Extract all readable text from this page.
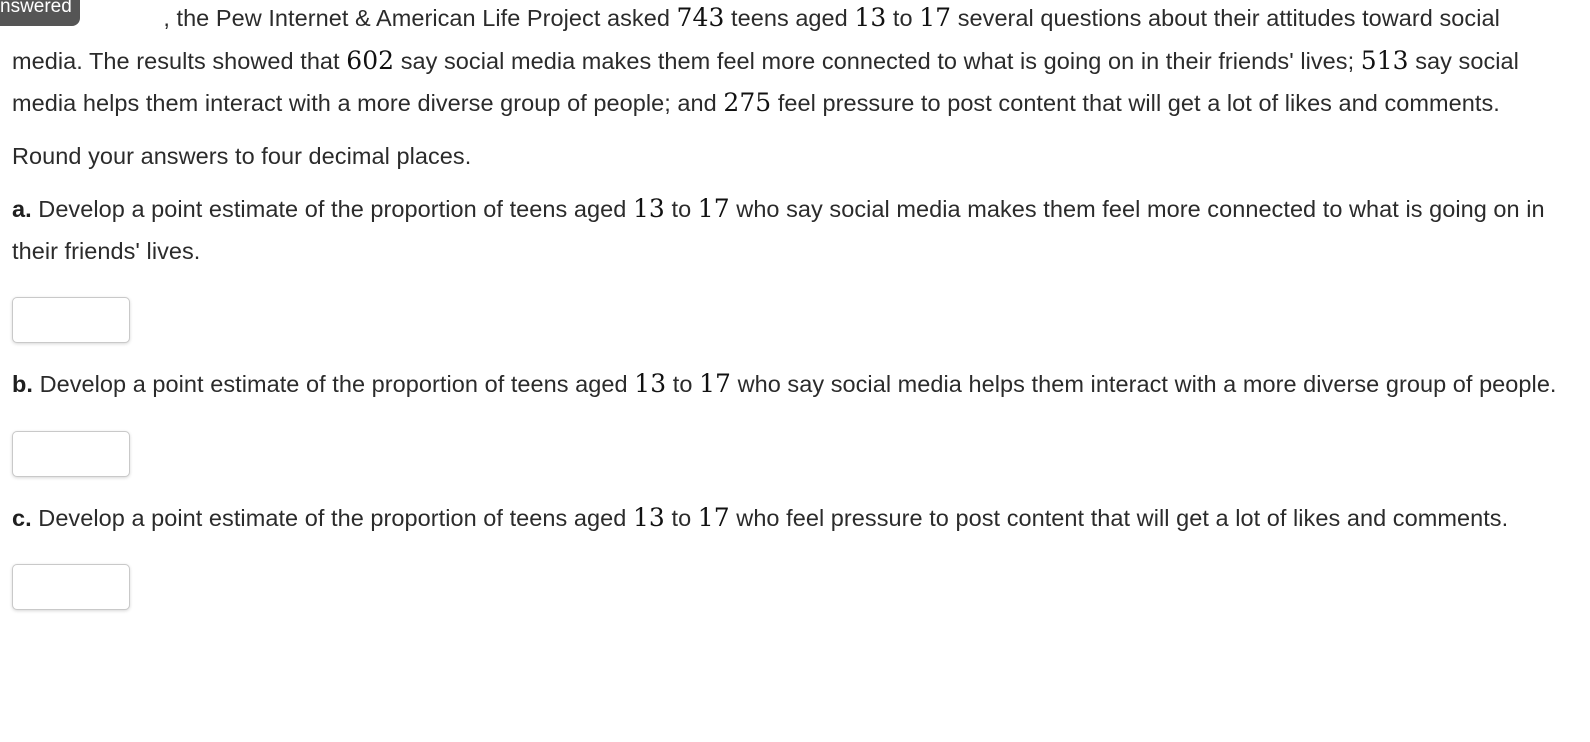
nswered	, the Pew Internet & American Life Project asked 743 teens aged 13 to 17 several questions about their attitudes toward social media. The results showed that 602 say social media makes them feel more connected to what is going on in their friends' lives; 513 say social media helps them interact with a more diverse group of people; and 275 feel pressure to post content that will get a lot of likes and comments.

Round your answers to four decimal places.

a. Develop a point estimate of the proportion of teens aged 13 to 17 who say social media makes them feel more connected to what is going on in their friends' lives.

b. Develop a point estimate of the proportion of teens aged 13 to 17 who say social media helps them interact with a more diverse group of people.

c. Develop a point estimate of the proportion of teens aged 13 to 17 who feel pressure to post content that will get a lot of likes and comments.
